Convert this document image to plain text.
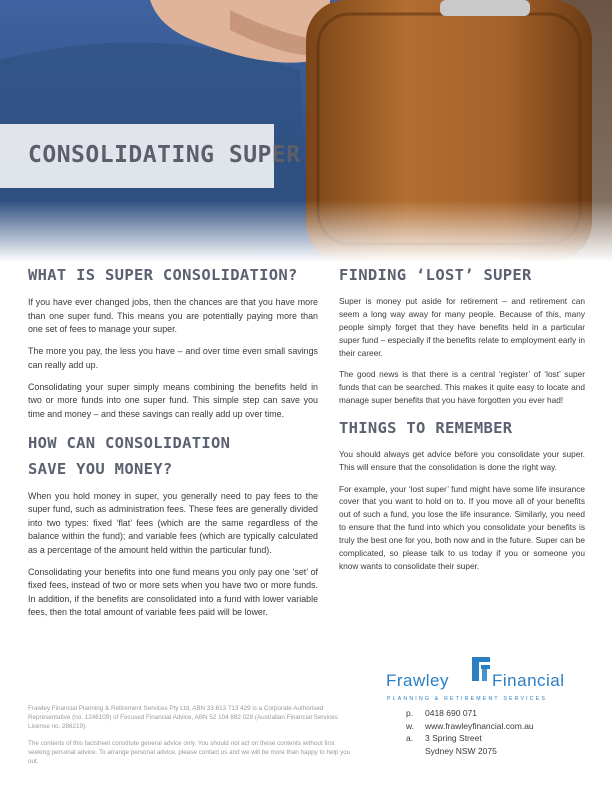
CONSOLIDATING SUPER
WHAT IS SUPER CONSOLIDATION?

If you have ever changed jobs, then the chances are that you have more than one super fund. This means you are potentially paying more than one set of fees to manage your super.

The more you pay, the less you have – and over time even small savings can really add up.

Consolidating your super simply means combining the benefits held in two or more funds into one super fund. This simple step can save you time and money – and these savings can really add up over time.

HOW CAN CONSOLIDATION
SAVE YOU MONEY?

When you hold money in super, you generally need to pay fees to the super fund, such as administration fees. These fees are generally divided into two types: fixed ‘flat’ fees (which are the same regardless of the balance within the fund); and variable fees (which are typically calculated as a percentage of the amount held within the particular fund).

Consolidating your benefits into one fund means you only pay one ‘set’ of fixed fees, instead of two or more sets when you have two or more funds. In addition, if the benefits are consolidated into a fund with lower variable fees, then the total amount of variable fees paid will be lower.

FINDING ‘LOST’ SUPER

Super is money put aside for retirement – and retirement can seem a long way away for many people. Because of this, many people simply forget that they have benefits held in a particular super fund – especially if the benefits relate to employment early in their career.

The good news is that there is a central ‘register’ of ‘lost’ super funds that can be searched. This makes it quite easy to locate and manage super benefits that you have forgotten you ever had!

THINGS TO REMEMBER

You should always get advice before you consolidate your super. This will ensure that the consolidation is done the right way.

For example, your ‘lost super’ fund might have some life insurance cover that you want to hold on to. If you move all of your benefits out of such a fund, you lose the life insurance. Similarly, you need to ensure that the fund into which you consolidate your benefits is truly the best one for you, both now and in the future. Super can be complicated, so please talk to us today if you or someone you know wants to consolidate their super.

Frawley Financial Planning & Retirement Services Pty Ltd, ABN 33 613 713 429 is a Corporate Authorised Representative (no. 1246109) of Focused Financial Advice, ABN 52 104 882 028 (Australian Financial Services License no. 286219).

The contents of this factsheet constitute general advice only. You should not act on these contents without first seeking personal advice. To arrange personal advice, please contact us and we will be more than happy to help you out.

Frawley	Financial
PLANNING & RETIREMENT SERVICES
p. 0418 690 071
w. www.frawleyfinancial.com.au
a. 3 Spring Street
Sydney NSW 2075
